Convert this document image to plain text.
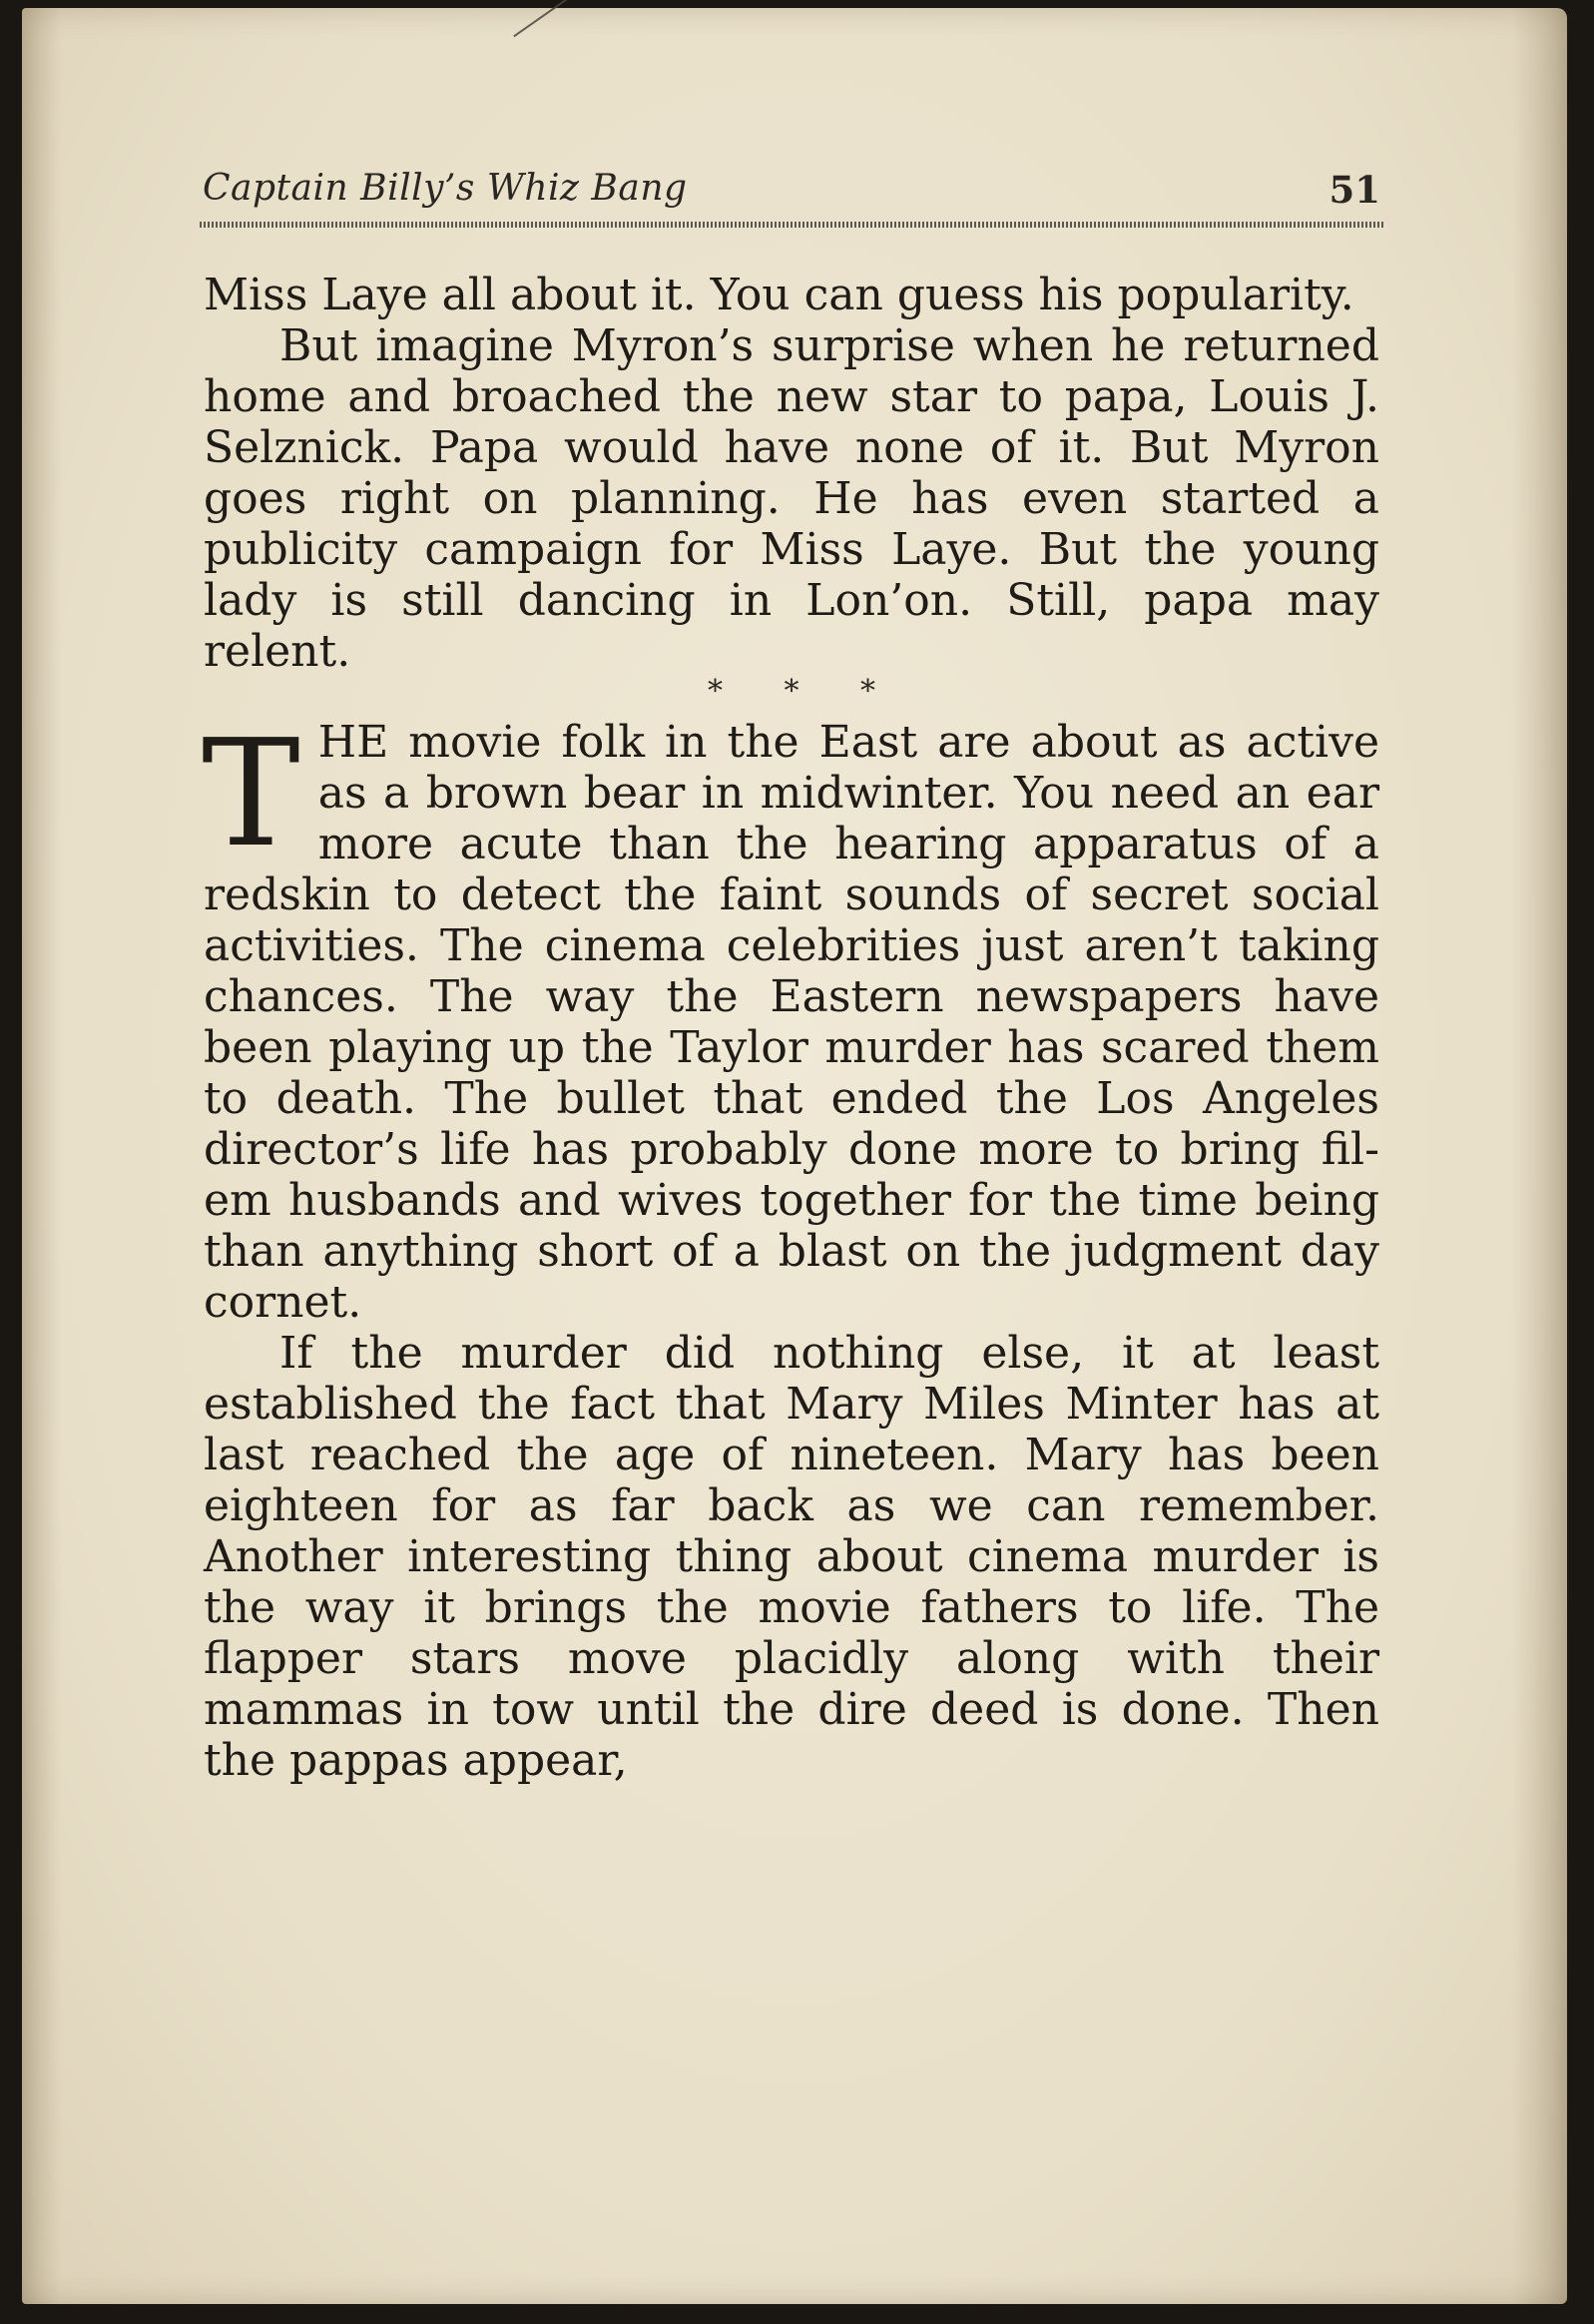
Captain Billy’s Whiz Bang	51

Miss Laye all about it. You can guess his popularity.

But imagine Myron’s surprise when he returned home and broached the new star to papa, Louis J. Selznick. Papa would have none of it. But Myron goes right on planning. He has even started a publicity campaign for Miss Laye. But the young lady is still dancing in Lon’on. Still, papa may relent.

* * *
T HE movie folk in the East are about as active as a brown bear in midwinter. You need an ear more acute than the hearing apparatus of a redskin to detect the faint sounds of secret social activities. The cinema celebrities just aren’t taking chances. The way the Eastern newspapers have been playing up the Taylor murder has scared them to death. The bullet that ended the Los Angeles director’s life has probably done more to bring fil-em husbands and wives together for the time being than anything short of a blast on the judgment day cornet.

If the murder did nothing else, it at least established the fact that Mary Miles Minter has at last reached the age of nineteen. Mary has been eighteen for as far back as we can remember. Another interesting thing about cinema murder is the way it brings the movie fathers to life. The flapper stars move placidly along with their mammas in tow until the dire deed is done. Then the pappas appear,
